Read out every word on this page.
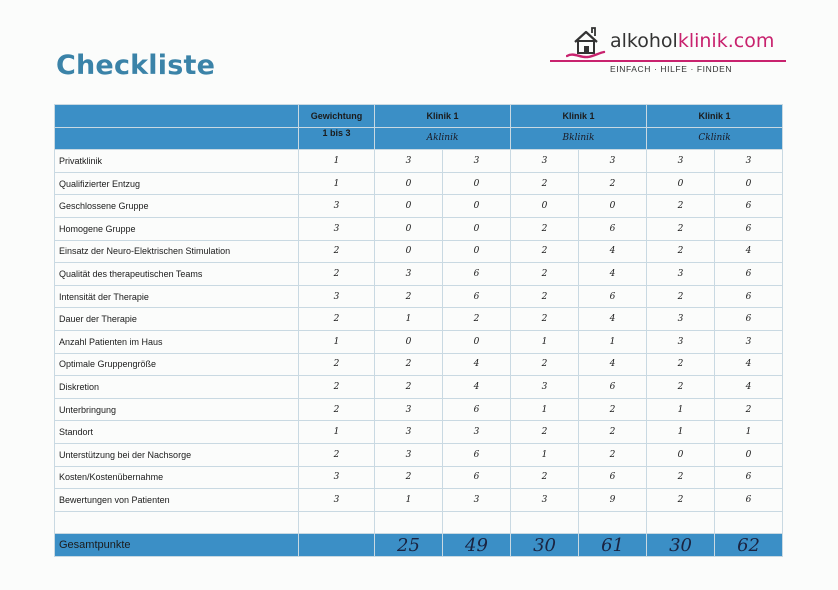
Checkliste
alkoholklinik.com
EINFACH · HILFE · FINDEN
	Gewichtung	Klinik 1		Klinik 1		Klinik 1	
	1 bis 3	Aklinik		Bklinik		Cklinik	
Privatklinik	1	3	3	3	3	3	3
Qualifizierter Entzug	1	0	0	2	2	0	0
Geschlossene Gruppe	3	0	0	0	0	2	6
Homogene Gruppe	3	0	0	2	6	2	6
Einsatz der Neuro-Elektrischen Stimulation	2	0	0	2	4	2	4
Qualität des therapeutischen Teams	2	3	6	2	4	3	6
Intensität der Therapie	3	2	6	2	6	2	6
Dauer der Therapie	2	1	2	2	4	3	6
Anzahl Patienten im Haus	1	0	0	1	1	3	3
Optimale Gruppengröße	2	2	4	2	4	2	4
Diskretion	2	2	4	3	6	2	4
Unterbringung	2	3	6	1	2	1	2
Standort	1	3	3	2	2	1	1
Unterstützung bei der Nachsorge	2	3	6	1	2	0	0
Kosten/Kostenübernahme	3	2	6	2	6	2	6
Bewertungen von Patienten	3	1	3	3	9	2	6

Gesamtpunkte		25	49	30	61	30	62
